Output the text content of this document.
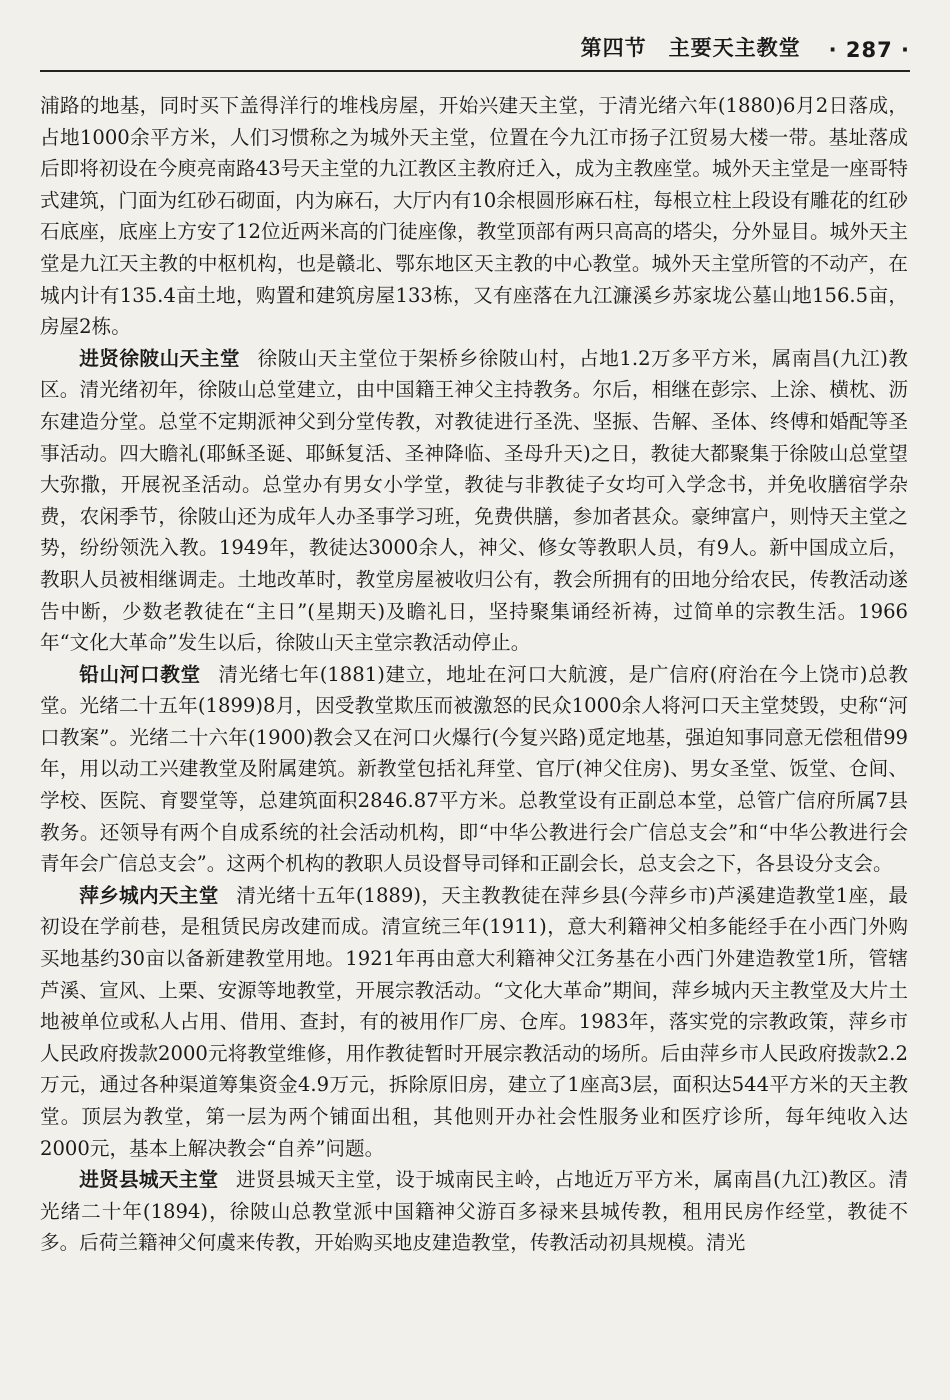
第四节 主要天主教堂 · 287 ·

浦路的地基，同时买下盖得洋行的堆栈房屋，开始兴建天主堂，于清光绪六年(1880)6月2日落成，占地1000余平方米，人们习惯称之为城外天主堂，位置在今九江市扬子江贸易大楼一带。基址落成后即将初设在今庾亮南路43号天主堂的九江教区主教府迁入，成为主教座堂。城外天主堂是一座哥特式建筑，门面为红砂石砌面，内为麻石，大厅内有10余根圆形麻石柱，每根立柱上段设有雕花的红砂石底座，底座上方安了12位近两米高的门徒座像，教堂顶部有两只高高的塔尖，分外显目。城外天主堂是九江天主教的中枢机构，也是赣北、鄂东地区天主教的中心教堂。城外天主堂所管的不动产，在城内计有135.4亩土地，购置和建筑房屋133栋，又有座落在九江濂溪乡苏家垅公墓山地156.5亩，房屋2栋。

进贤徐陂山天主堂 徐陂山天主堂位于架桥乡徐陂山村，占地1.2万多平方米，属南昌(九江)教区。清光绪初年，徐陂山总堂建立，由中国籍王神父主持教务。尔后，相继在彭宗、上涂、横枕、沥东建造分堂。总堂不定期派神父到分堂传教，对教徒进行圣洗、坚振、告解、圣体、终傅和婚配等圣事活动。四大瞻礼(耶稣圣诞、耶稣复活、圣神降临、圣母升天)之日，教徒大都聚集于徐陂山总堂望大弥撒，开展祝圣活动。总堂办有男女小学堂，教徒与非教徒子女均可入学念书，并免收膳宿学杂费，农闲季节，徐陂山还为成年人办圣事学习班，免费供膳，参加者甚众。豪绅富户，则恃天主堂之势，纷纷领洗入教。1949年，教徒达3000余人，神父、修女等教职人员，有9人。新中国成立后，教职人员被相继调走。土地改革时，教堂房屋被收归公有，教会所拥有的田地分给农民，传教活动遂告中断，少数老教徒在“主日”(星期天)及瞻礼日，坚持聚集诵经祈祷，过简单的宗教生活。1966年“文化大革命”发生以后，徐陂山天主堂宗教活动停止。

铅山河口教堂 清光绪七年(1881)建立，地址在河口大航渡，是广信府(府治在今上饶市)总教堂。光绪二十五年(1899)8月，因受教堂欺压而被激怒的民众1000余人将河口天主堂焚毁，史称“河口教案”。光绪二十六年(1900)教会又在河口火爆行(今复兴路)觅定地基，强迫知事同意无偿租借99年，用以动工兴建教堂及附属建筑。新教堂包括礼拜堂、官厅(神父住房)、男女圣堂、饭堂、仓间、学校、医院、育婴堂等，总建筑面积2846.87平方米。总教堂设有正副总本堂，总管广信府所属7县教务。还领导有两个自成系统的社会活动机构，即“中华公教进行会广信总支会”和“中华公教进行会青年会广信总支会”。这两个机构的教职人员设督导司铎和正副会长，总支会之下，各县设分支会。

萍乡城内天主堂 清光绪十五年(1889)，天主教教徒在萍乡县(今萍乡市)芦溪建造教堂1座，最初设在学前巷，是租赁民房改建而成。清宣统三年(1911)，意大利籍神父柏多能经手在小西门外购买地基约30亩以备新建教堂用地。1921年再由意大利籍神父江务基在小西门外建造教堂1所，管辖芦溪、宣风、上栗、安源等地教堂，开展宗教活动。“文化大革命”期间，萍乡城内天主教堂及大片土地被单位或私人占用、借用、查封，有的被用作厂房、仓库。1983年，落实党的宗教政策，萍乡市人民政府拨款2000元将教堂维修，用作教徒暂时开展宗教活动的场所。后由萍乡市人民政府拨款2.2万元，通过各种渠道筹集资金4.9万元，拆除原旧房，建立了1座高3层，面积达544平方米的天主教堂。顶层为教堂，第一层为两个铺面出租，其他则开办社会性服务业和医疗诊所，每年纯收入达2000元，基本上解决教会“自养”问题。

进贤县城天主堂 进贤县城天主堂，设于城南民主岭，占地近万平方米，属南昌(九江)教区。清光绪二十年(1894)，徐陂山总教堂派中国籍神父游百多禄来县城传教，租用民房作经堂，教徒不多。后荷兰籍神父何虞来传教，开始购买地皮建造教堂，传教活动初具规模。清光
